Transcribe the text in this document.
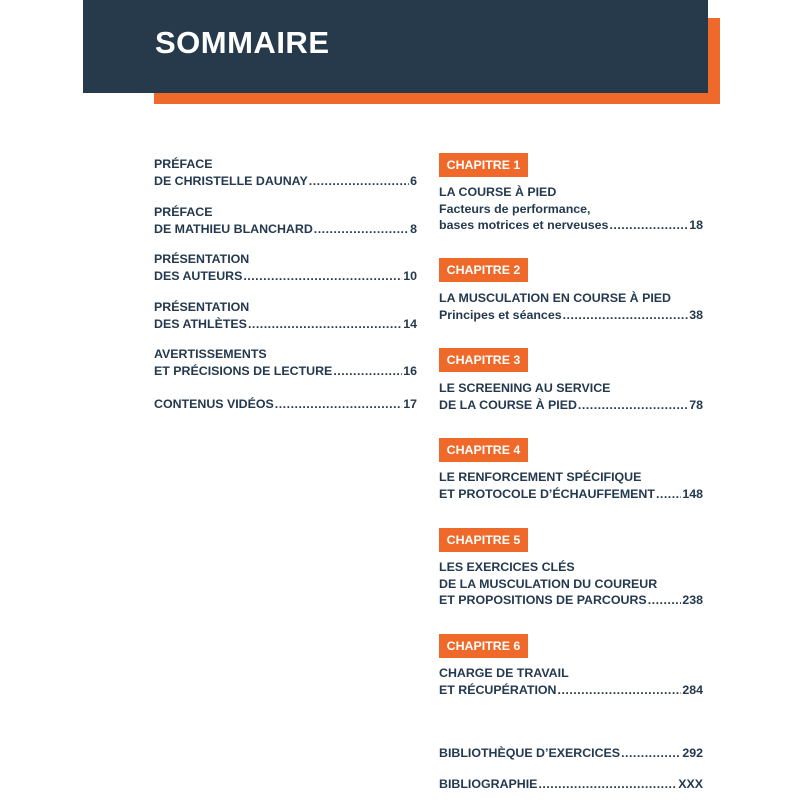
SOMMAIRE
PRÉFACE
DE CHRISTELLE DAUNAY .....	6
PRÉFACE
DE MATHIEU BLANCHARD .....	8
PRÉSENTATION
DES AUTEURS .....	10
PRÉSENTATION
DES ATHLÈTES .....	14
AVERTISSEMENTS
ET PRÉCISIONS DE LECTURE .....	16
CONTENUS VIDÉOS .....	17
CHAPITRE 1
LA COURSE À PIED
Facteurs de performance,
bases motrices et nerveuses .....	18
CHAPITRE 2
LA MUSCULATION EN COURSE À PIED
Principes et séances .....	38
CHAPITRE 3
LE SCREENING AU SERVICE
DE LA COURSE À PIED .....	78
CHAPITRE 4
LE RENFORCEMENT SPÉCIFIQUE
ET PROTOCOLE D’ÉCHAUFFEMENT ..... 148
CHAPITRE 5
LES EXERCICES CLÉS
DE LA MUSCULATION DU COUREUR
ET PROPOSITIONS DE PARCOURS .....	238
CHAPITRE 6
CHARGE DE TRAVAIL
ET RÉCUPÉRATION .....	284
BIBLIOTHÈQUE D’EXERCICES .....	292
BIBLIOGRAPHIE .....	XXX
